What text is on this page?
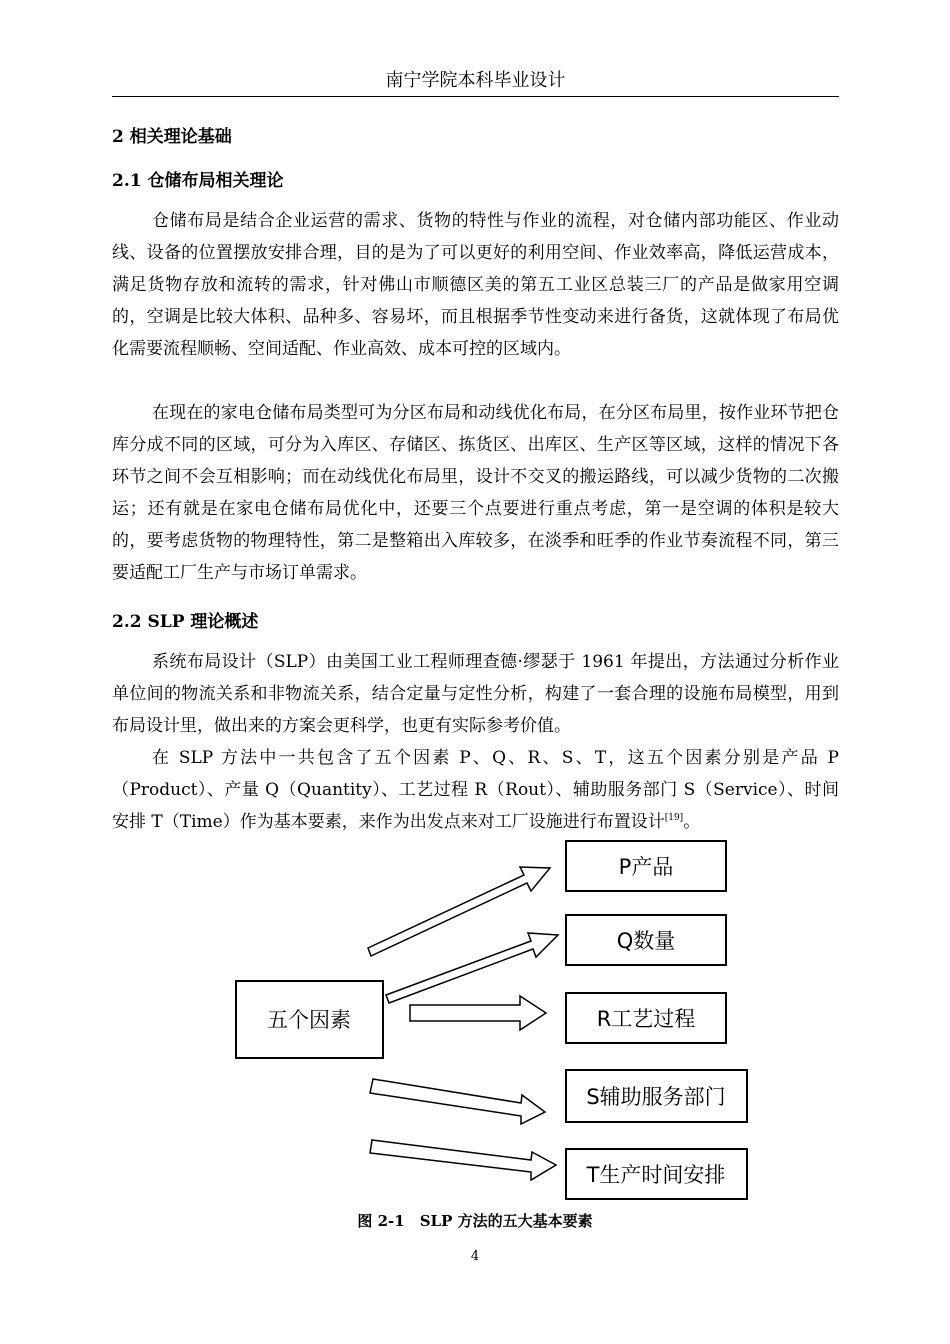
南宁学院本科毕业设计
2 相关理论基础
2.1 仓储布局相关理论

仓储布局是结合企业运营的需求、货物的特性与作业的流程，对仓储内部功能区、作业动线、设备的位置摆放安排合理，目的是为了可以更好的利用空间、作业效率高，降低运营成本，满足货物存放和流转的需求，针对佛山市顺德区美的第五工业区总装三厂的产品是做家用空调的，空调是比较大体积、品种多、容易坏，而且根据季节性变动来进行备货，这就体现了布局优化需要流程顺畅、空间适配、作业高效、成本可控的区域内。

在现在的家电仓储布局类型可为分区布局和动线优化布局，在分区布局里，按作业环节把仓库分成不同的区域，可分为入库区、存储区、拣货区、出库区、生产区等区域，这样的情况下各环节之间不会互相影响；而在动线优化布局里，设计不交叉的搬运路线，可以减少货物的二次搬运；还有就是在家电仓储布局优化中，还要三个点要进行重点考虑，第一是空调的体积是较大的，要考虑货物的物理特性，第二是整箱出入库较多，在淡季和旺季的作业节奏流程不同，第三要适配工厂生产与市场订单需求。

2.2 SLP 理论概述

系统布局设计（SLP）由美国工业工程师理查德·缪瑟于 1961 年提出，方法通过分析作业单位间的物流关系和非物流关系，结合定量与定性分析，构建了一套合理的设施布局模型，用到布局设计里，做出来的方案会更科学，也更有实际参考价值。

在 SLP 方法中一共包含了五个因素 P、Q、R、S、T，这五个因素分别是产品 P（Product）、产量 Q（Quantity）、工艺过程 R（Rout）、辅助服务部门 S（Service）、时间安排 T（Time）作为基本要素，来作为出发点来对工厂设施进行布置设计[19]。

五个因素
P产品
Q数量
R工艺过程
S辅助服务部门
T生产时间安排
图 2-1　SLP 方法的五大基本要素
4
